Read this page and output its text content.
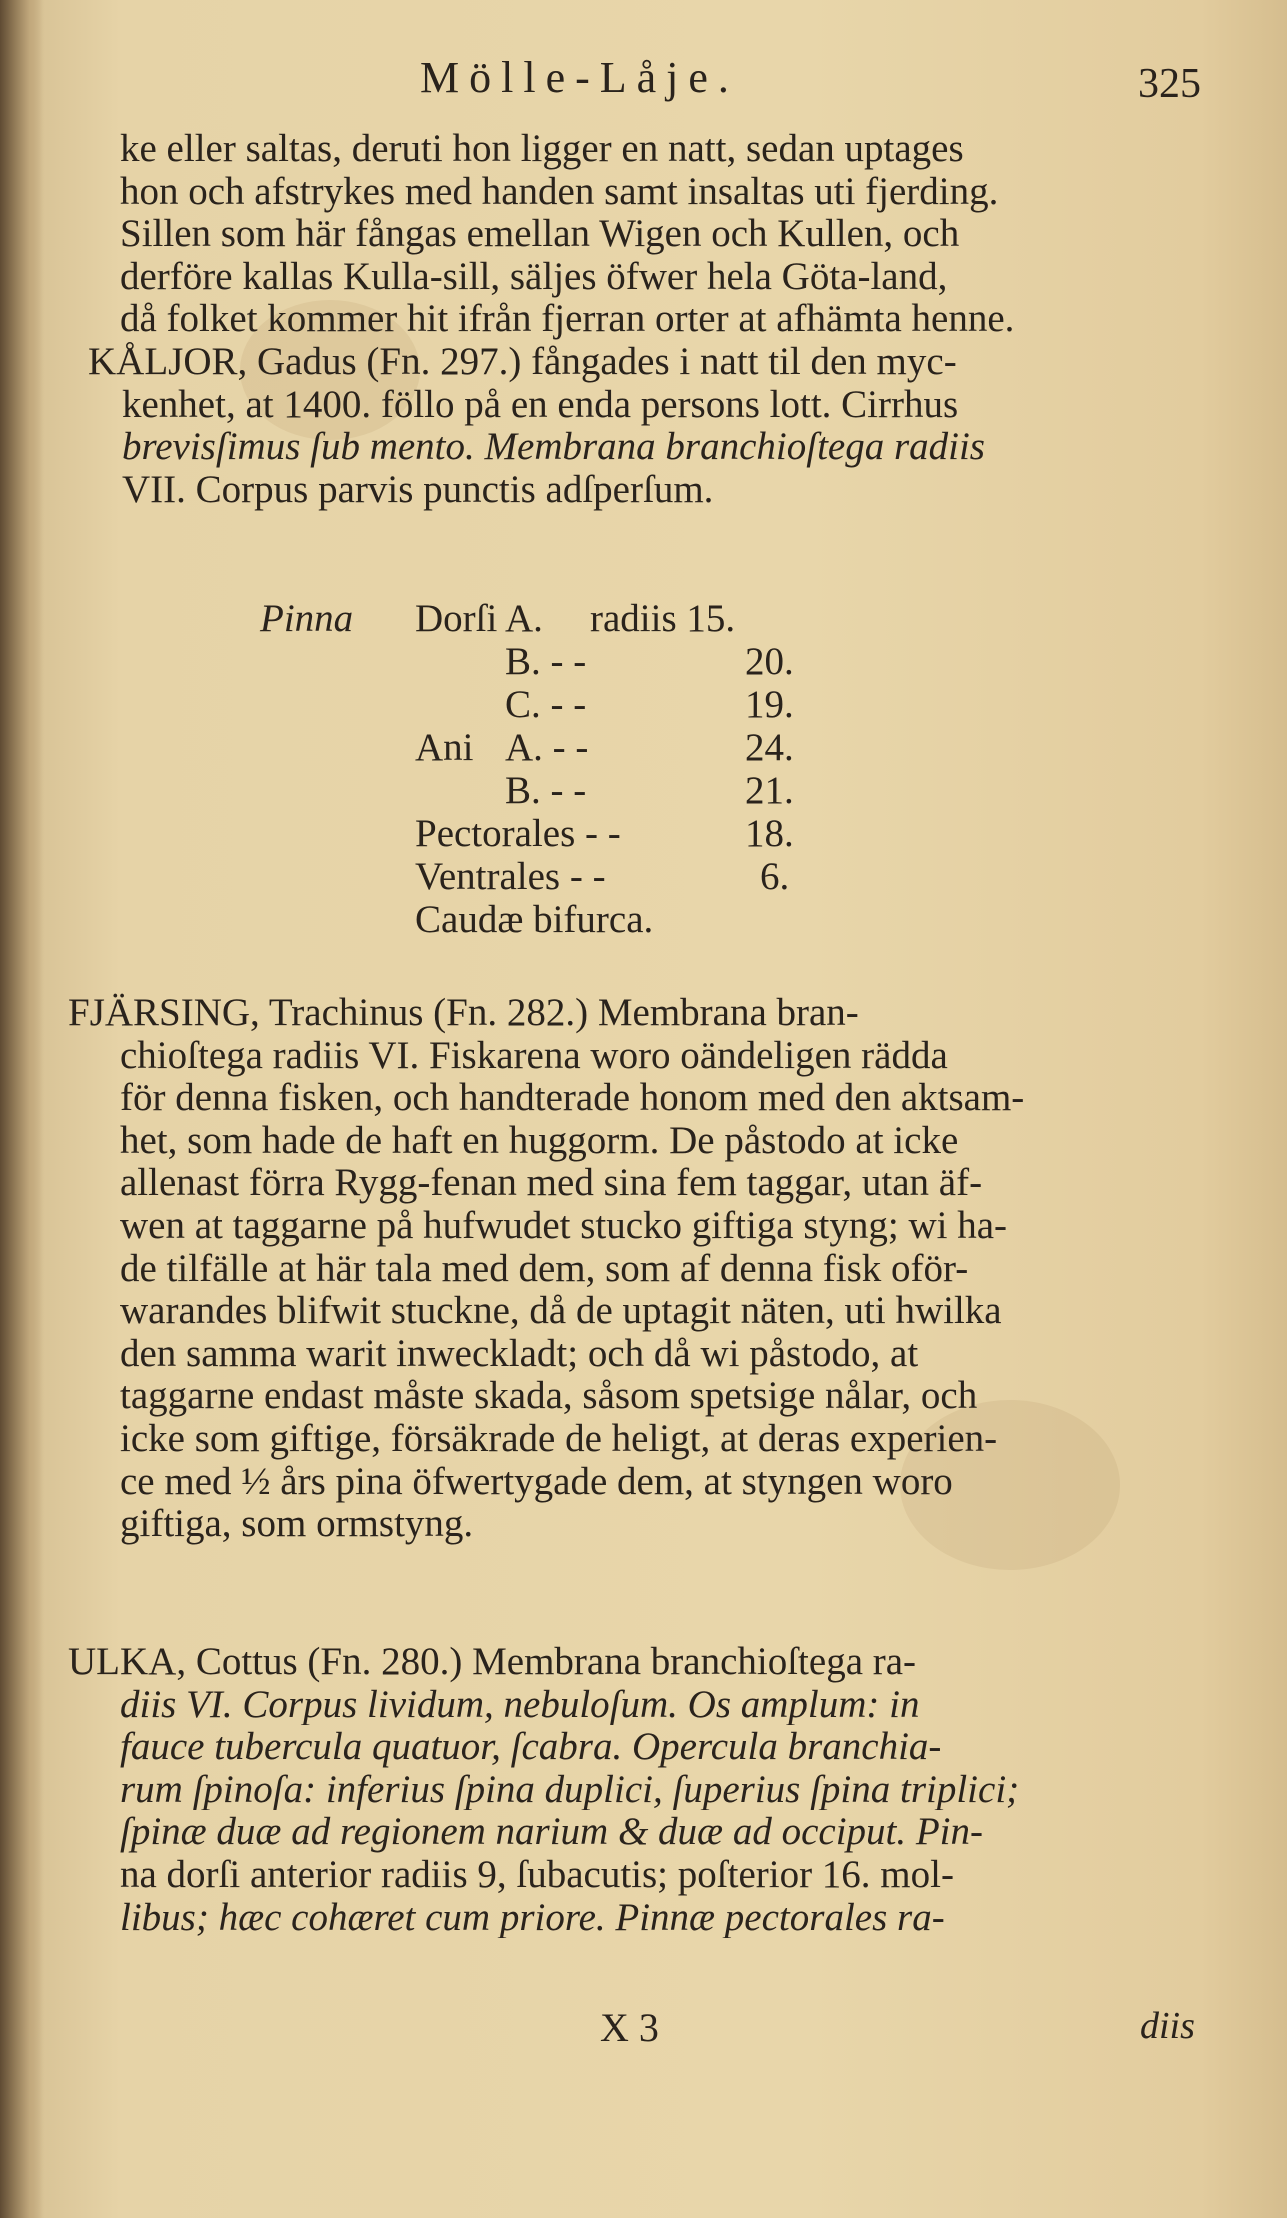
Mölle-Låje.	325
ke eller saltas, deruti hon ligger en natt, sedan uptages
hon och afstrykes med handen samt insaltas uti fjerding.
Sillen som här fångas emellan Wigen och Kullen, och
derföre kallas Kulla-sill, säljes öfwer hela Göta-land,
då folket kommer hit ifrån fjerran orter at afhämta henne.
KÅLJOR, Gadus (Fn. 297.) fångades i natt til den myc-
kenhet, at 1400. föllo på en enda persons lott. Cirrhus
brevisſimus ſub mento. Membrana branchioſtega radiis
VII. Corpus parvis punctis adſperſum.
Pinna Dorſi A. radiis 15.
B. - -	20.
C. - -	19.
Ani A. - -	24.
B. - -	21.
Pectorales - -	18.
Ventrales - -	6.
Caudæ bifurca.
FJÄRSING, Trachinus (Fn. 282.) Membrana bran-
chioſtega radiis VI. Fiskarena woro oändeligen rädda
för denna fisken, och handterade honom med den aktsam-
het, som hade de haft en huggorm. De påstodo at icke
allenast förra Rygg-fenan med sina fem taggar, utan äf-
wen at taggarne på hufwudet stucko giftiga styng; wi ha-
de tilfälle at här tala med dem, som af denna fisk oför-
warandes blifwit stuckne, då de uptagit näten, uti hwilka
den samma warit inweckladt; och då wi påstodo, at
taggarne endast måste skada, såsom spetsige nålar, och
icke som giftige, försäkrade de heligt, at deras experien-
ce med ½ års pina öfwertygade dem, at styngen woro
giftiga, som ormstyng.
ULKA, Cottus (Fn. 280.) Membrana branchioſtega ra-
diis VI. Corpus lividum, nebuloſum. Os amplum: in
fauce tubercula quatuor, ſcabra. Opercula branchia-
rum ſpinoſa: inferius ſpina duplici, ſuperius ſpina triplici;
ſpinæ duæ ad regionem narium & duæ ad occiput. Pin-
na dorſi anterior radiis 9, ſubacutis; poſterior 16. mol-
libus; hæc cohæret cum priore. Pinnæ pectorales ra-
X 3	diis
